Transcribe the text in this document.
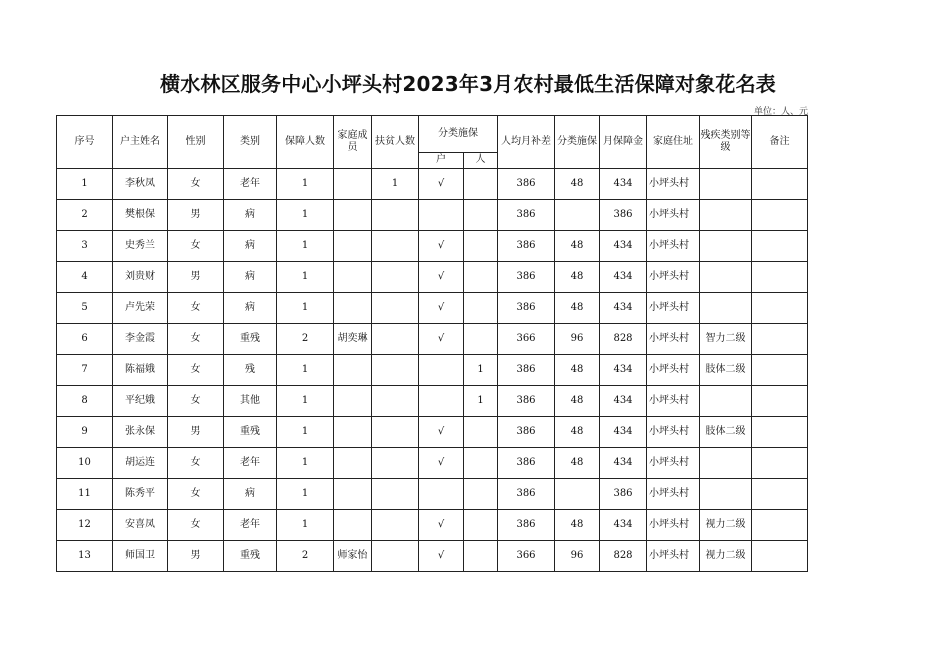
横水林区服务中心小坪头村2023年3月农村最低生活保障对象花名表
单位：人、元
序号	户主姓名	性别	类别	保障人数	家庭成员	扶贫人数	分类施保		人均月补差	分类施保	月保障金	家庭住址	残疾类别等级	备注
							户	人						
1	李秋凤	女	老年	1		1	√		386	48	434	小坪头村		
2	樊根保	男	病	1					386		386	小坪头村		
3	史秀兰	女	病	1			√		386	48	434	小坪头村		
4	刘贵财	男	病	1			√		386	48	434	小坪头村		
5	卢先荣	女	病	1			√		386	48	434	小坪头村		
6	李金霞	女	重残	2	胡奕琳		√		366	96	828	小坪头村	智力二级	
7	陈福娥	女	残	1				1	386	48	434	小坪头村	肢体二级	
8	平纪娥	女	其他	1				1	386	48	434	小坪头村		
9	张永保	男	重残	1			√		386	48	434	小坪头村	肢体二级	
10	胡运连	女	老年	1			√		386	48	434	小坪头村		
11	陈秀平	女	病	1					386		386	小坪头村		
12	安喜凤	女	老年	1			√		386	48	434	小坪头村	视力二级	
13	师国卫	男	重残	2	师家怡		√		366	96	828	小坪头村	视力二级	
